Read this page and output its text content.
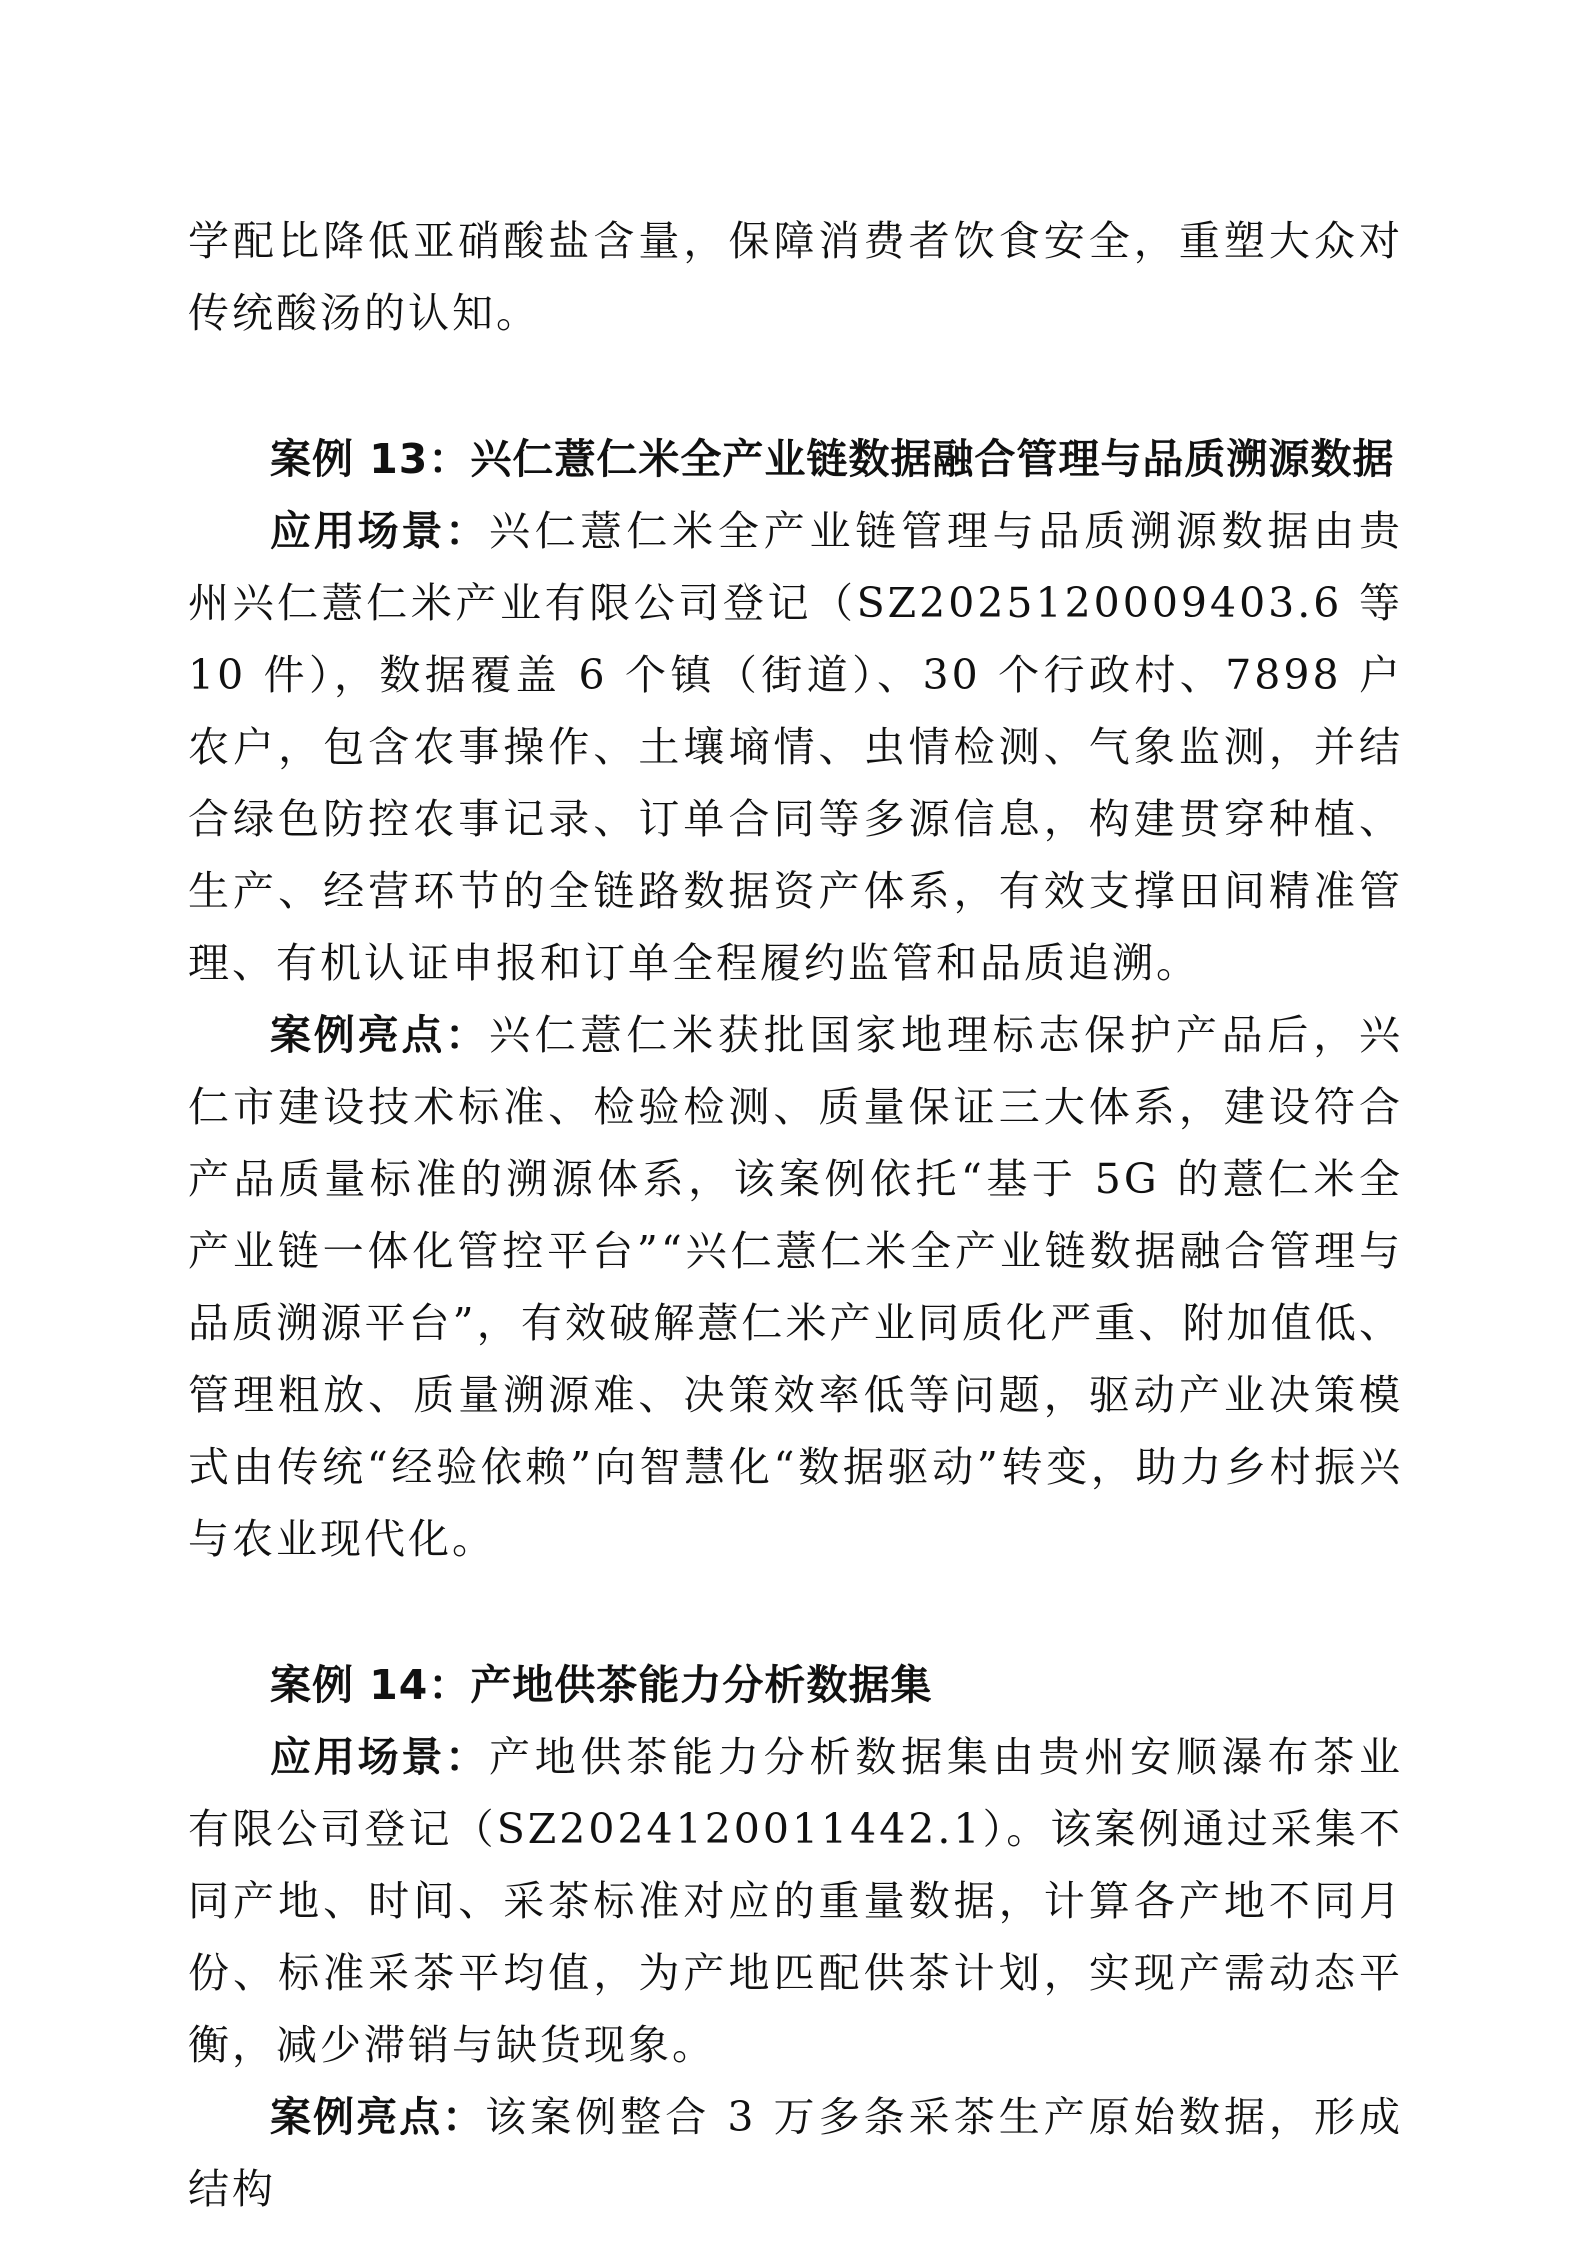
学配比降低亚硝酸盐含量，保障消费者饮食安全，重塑大众对传统酸汤的认知。

案例 13：兴仁薏仁米全产业链数据融合管理与品质溯源数据

应用场景：兴仁薏仁米全产业链管理与品质溯源数据由贵州兴仁薏仁米产业有限公司登记（SZ2025120009403.6 等 10 件），数据覆盖 6 个镇（街道）、30 个行政村、7898 户农户，包含农事操作、土壤墒情、虫情检测、气象监测，并结合绿色防控农事记录、订单合同等多源信息，构建贯穿种植、生产、经营环节的全链路数据资产体系，有效支撑田间精准管理、有机认证申报和订单全程履约监管和品质追溯。

案例亮点：兴仁薏仁米获批国家地理标志保护产品后，兴仁市建设技术标准、检验检测、质量保证三大体系，建设符合产品质量标准的溯源体系，该案例依托“基于 5G 的薏仁米全产业链一体化管控平台”“兴仁薏仁米全产业链数据融合管理与品质溯源平台”，有效破解薏仁米产业同质化严重、附加值低、管理粗放、质量溯源难、决策效率低等问题，驱动产业决策模式由传统“经验依赖”向智慧化“数据驱动”转变，助力乡村振兴与农业现代化。

案例 14：产地供茶能力分析数据集

应用场景：产地供茶能力分析数据集由贵州安顺瀑布茶业有限公司登记（SZ2024120011442.1）。该案例通过采集不同产地、时间、采茶标准对应的重量数据，计算各产地不同月份、标准采茶平均值，为产地匹配供茶计划，实现产需动态平衡，减少滞销与缺货现象。

案例亮点：该案例整合 3 万多条采茶生产原始数据，形成结构
